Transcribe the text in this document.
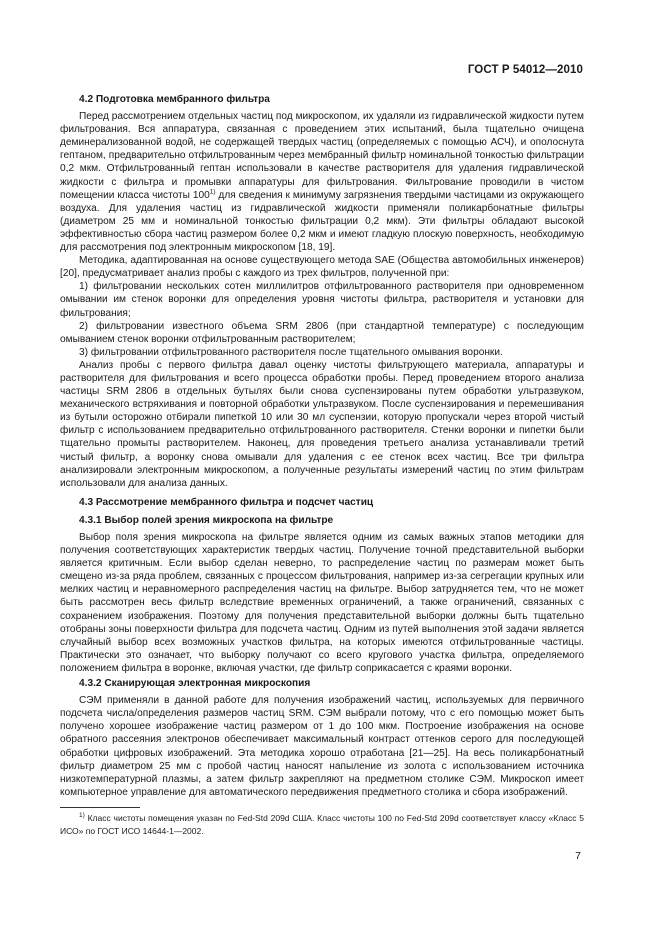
ГОСТ Р 54012—2010
4.2 Подготовка мембранного фильтра

Перед рассмотрением отдельных частиц под микроскопом, их удаляли из гидравлической жидкости путем фильтрования. Вся аппаратура, связанная с проведением этих испытаний, была тщательно очищена деминерализованной водой, не содержащей твердых частиц (определяемых с помощью АСЧ), и ополоснута гептаном, предварительно отфильтрованным через мембранный фильтр номинальной тонкостью фильтрации 0,2 мкм. Отфильтрованный гептан использовали в качестве растворителя для удаления гидравлической жидкости с фильтра и промывки аппаратуры для фильтрования. Фильтрование проводили в чистом помещении класса чистоты 100$^{1)}$ для сведения к минимуму загрязнения твердыми частицами из окружающего воздуха. Для удаления частиц из гидравлической жидкости применяли поликарбонатные фильтры (диаметром 25 мм и номинальной тонкостью фильтрации 0,2 мкм). Эти фильтры обладают высокой эффективностью сбора частиц размером более 0,2 мкм и имеют гладкую плоскую поверхность, необходимую для рассмотрения под электронным микроскопом [18, 19].

Методика, адаптированная на основе существующего метода SAE (Общества автомобильных инженеров) [20], предусматривает анализ пробы с каждого из трех фильтров, полученной при:

1) фильтровании нескольких сотен миллилитров отфильтрованного растворителя при одновременном омывании им стенок воронки для определения уровня чистоты фильтра, растворителя и установки для фильтрования;

2) фильтровании известного объема SRM 2806 (при стандартной температуре) с последующим омыванием стенок воронки отфильтрованным растворителем;

3) фильтровании отфильтрованного растворителя после тщательного омывания воронки.

Анализ пробы с первого фильтра давал оценку чистоты фильтрующего материала, аппаратуры и растворителя для фильтрования и всего процесса обработки пробы. Перед проведением второго анализа частицы SRM 2806 в отдельных бутылях были снова суспензированы путем обработки ультразвуком, механического встряхивания и повторной обработки ультразвуком. После суспензирования и перемешивания из бутыли осторожно отбирали пипеткой 10 или 30 мл суспензии, которую пропускали через второй чистый фильтр с использованием предварительно отфильтрованного растворителя. Стенки воронки и пипетки были тщательно промыты растворителем. Наконец, для проведения третьего анализа устанавливали третий чистый фильтр, а воронку снова омывали для удаления с ее стенок всех частиц. Все три фильтра анализировали электронным микроскопом, а полученные результаты измерений частиц по этим фильтрам использовали для анализа данных.

4.3 Рассмотрение мембранного фильтра и подсчет частиц
4.3.1 Выбор полей зрения микроскопа на фильтре

Выбор поля зрения микроскопа на фильтре является одним из самых важных этапов методики для получения соответствующих характеристик твердых частиц. Получение точной представительной выборки является критичным. Если выбор сделан неверно, то распределение частиц по размерам может быть смещено из-за ряда проблем, связанных с процессом фильтрования, например из-за сегрегации крупных или мелких частиц и неравномерного распределения частиц на фильтре. Выбор затрудняется тем, что не может быть рассмотрен весь фильтр вследствие временных ограничений, а также ограничений, связанных с сохранением изображения. Поэтому для получения представительной выборки должны быть тщательно отобраны зоны поверхности фильтра для подсчета частиц. Одним из путей выполнения этой задачи является случайный выбор всех возможных участков фильтра, на которых имеются отфильтрованные частицы. Практически это означает, что выборку получают со всего кругового участка фильтра, определяемого положением фильтра в воронке, включая участки, где фильтр соприкасается с краями воронки.

4.3.2 Сканирующая электронная микроскопия

СЭМ применяли в данной работе для получения изображений частиц, используемых для первичного подсчета числа/определения размеров частиц SRM. СЭМ выбрали потому, что с его помощью может быть получено хорошее изображение частиц размером от 1 до 100 мкм. Построение изображения на основе обратного рассеяния электронов обеспечивает максимальный контраст оттенков серого для последующей обработки цифровых изображений. Эта методика хорошо отработана [21—25]. На весь поликарбонатный фильтр диаметром 25 мм с пробой частиц наносят напыление из золота с использованием источника низкотемпературной плазмы, а затем фильтр закрепляют на предметном столике СЭМ. Микроскоп имеет компьютерное управление для автоматического передвижения предметного столика и сбора изображений.

$^{1)}$ Класс чистоты помещения указан по Fed-Std 209d США. Класс чистоты 100 по Fed-Std 209d соответствует классу «Класс 5 ИСО» по ГОСТ ИСО 14644-1—2002.

7
